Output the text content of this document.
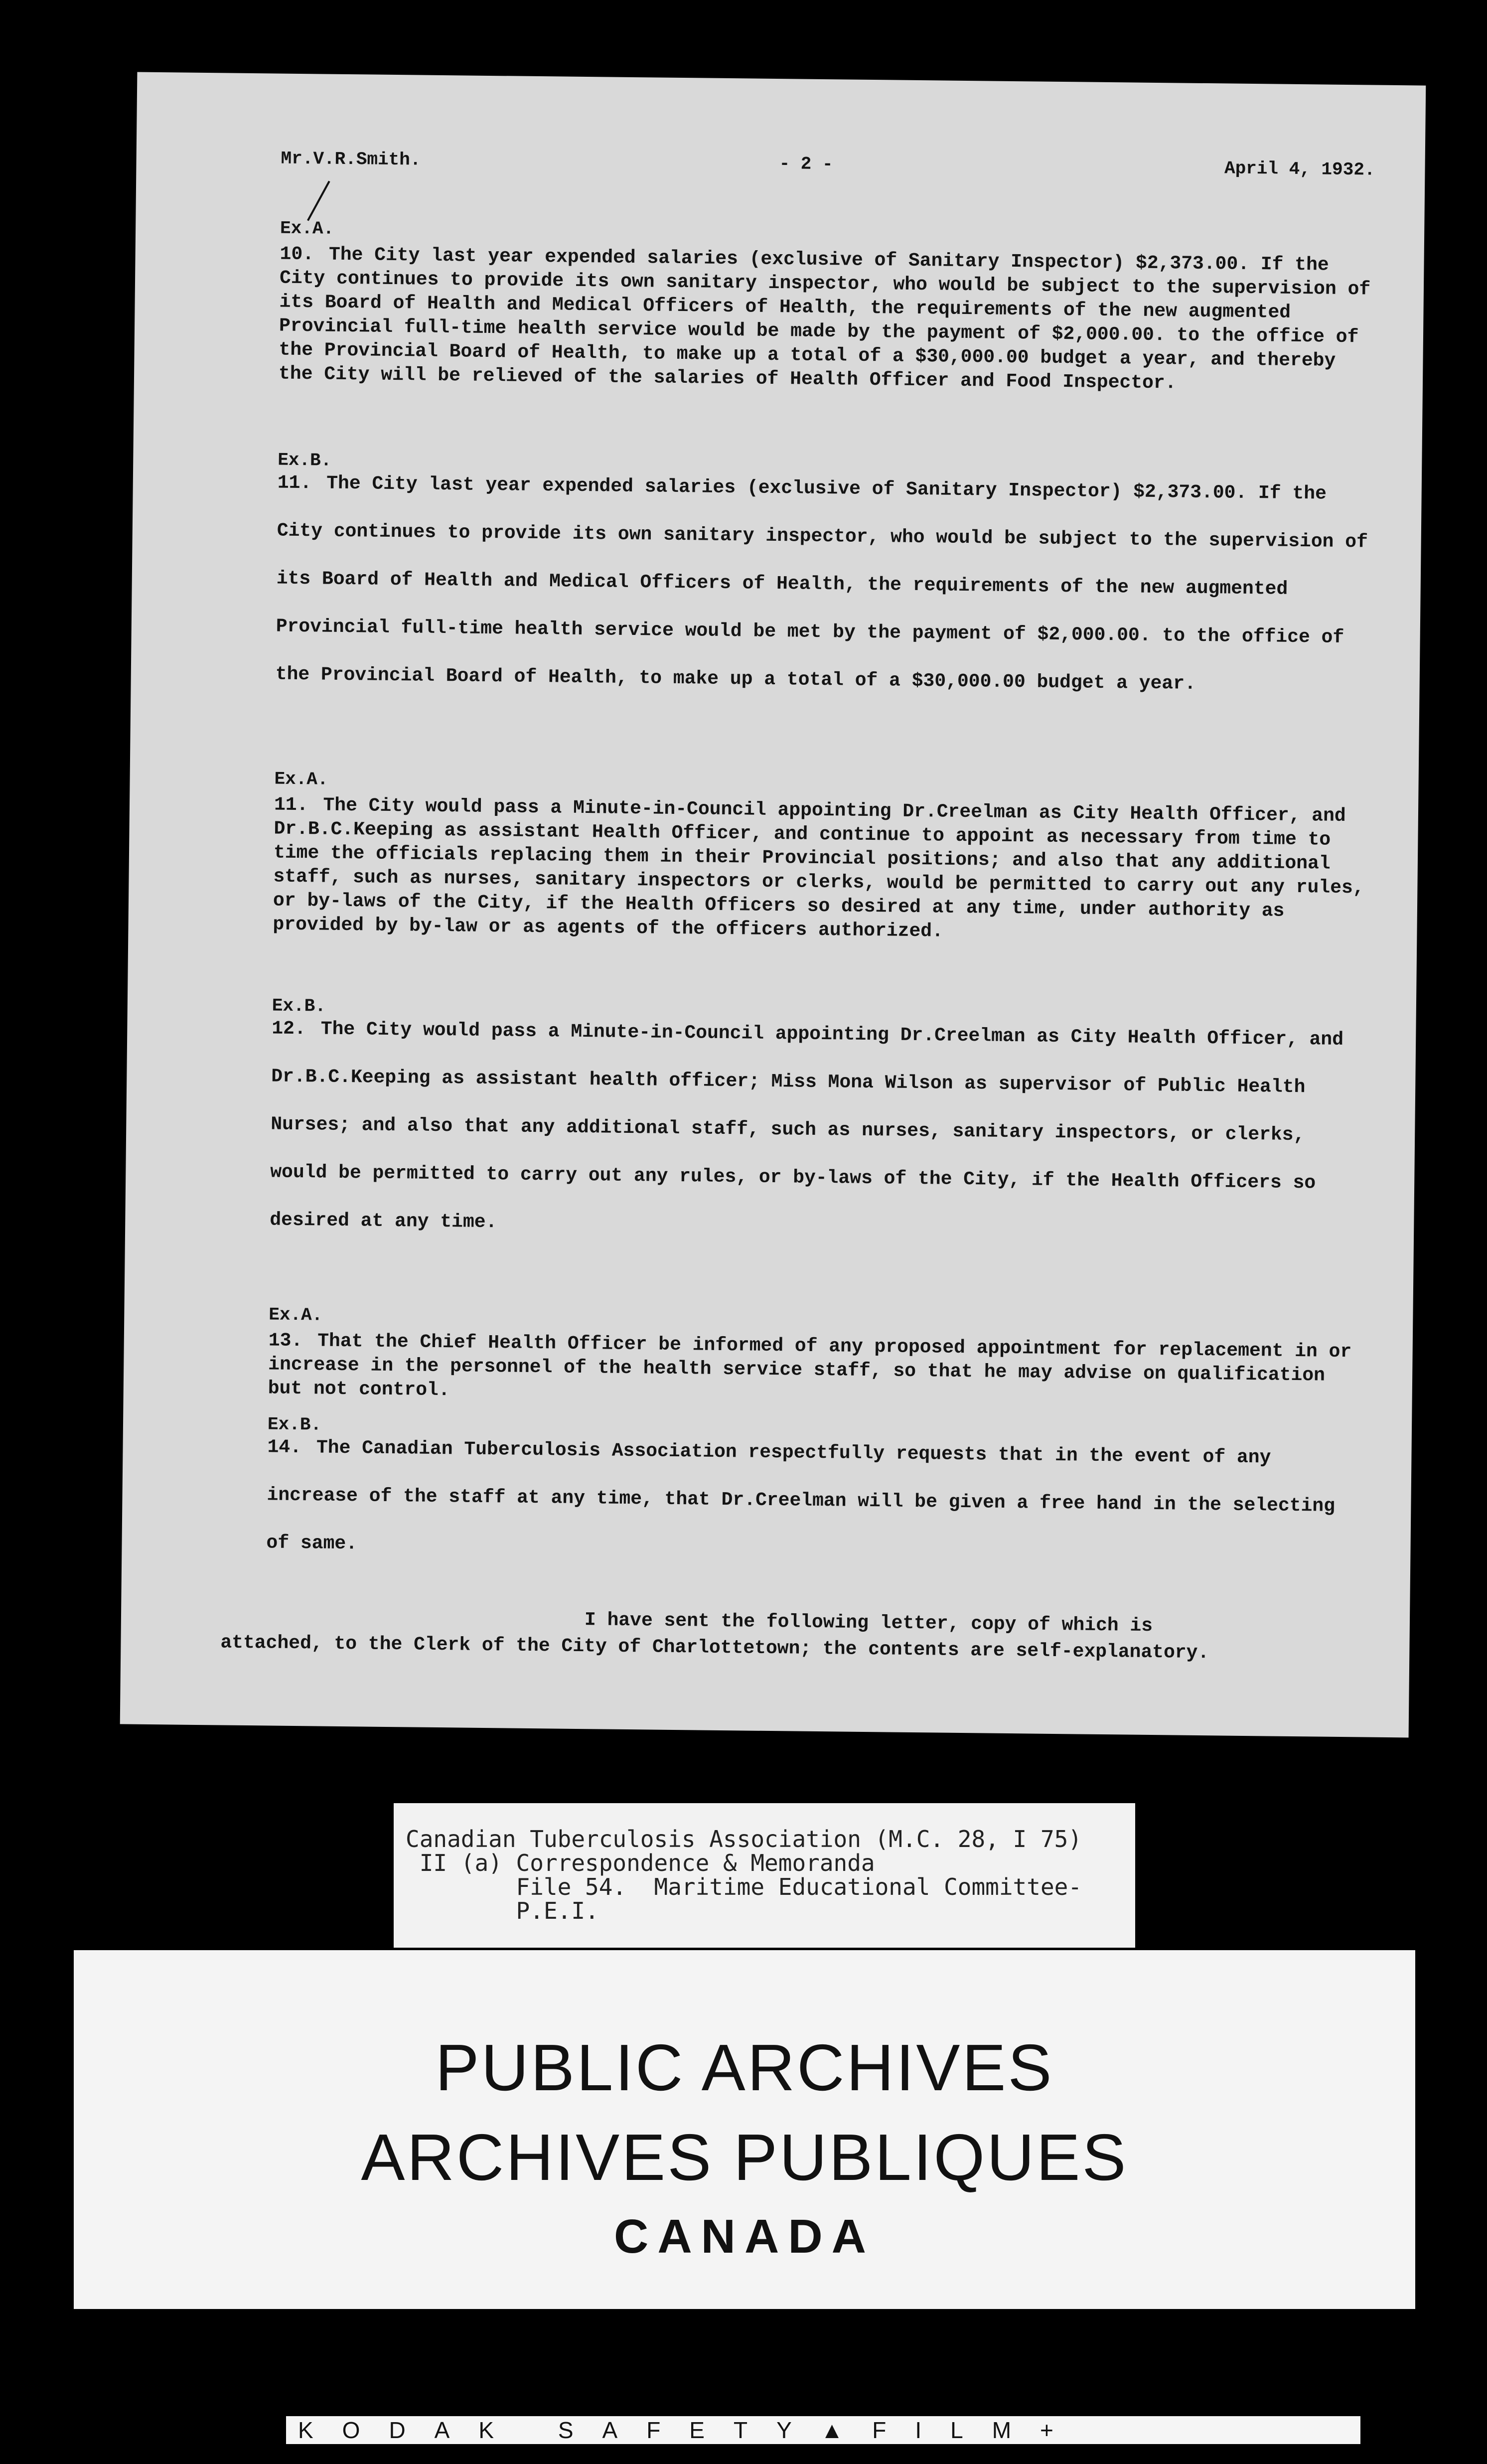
Mr.V.R.Smith.	- 2 -	April 4, 1932.
Ex.A.

10. The City last year expended salaries (exclusive of Sanitary Inspector) $2,373.00. If the City continues to provide its own sanitary inspector, who would be subject to the supervision of its Board of Health and Medical Officers of Health, the requirements of the new augmented Provincial full-time health service would be made by the payment of $2,000.00. to the office of the Provincial Board of Health, to make up a total of a $30,000.00 budget a year, and thereby the City will be relieved of the salaries of Health Officer and Food Inspector.

Ex.B.

11. The City last year expended salaries (exclusive of Sanitary Inspector) $2,373.00. If the City continues to provide its own sanitary inspector, who would be subject to the supervision of its Board of Health and Medical Officers of Health, the requirements of the new augmented Provincial full-time health service would be met by the payment of $2,000.00. to the office of the Provincial Board of Health, to make up a total of a $30,000.00 budget a year.

Ex.A.

11. The City would pass a Minute-in-Council appointing Dr.Creelman as City Health Officer, and Dr.B.C.Keeping as assistant Health Officer, and continue to appoint as necessary from time to time the officials replacing them in their Provincial positions; and also that any additional staff, such as nurses, sanitary inspectors or clerks, would be permitted to carry out any rules, or by-laws of the City, if the Health Officers so desired at any time, under authority as provided by by-law or as agents of the officers authorized.

Ex.B.

12. The City would pass a Minute-in-Council appointing Dr.Creelman as City Health Officer, and Dr.B.C.Keeping as assistant health officer; Miss Mona Wilson as supervisor of Public Health Nurses; and also that any additional staff, such as nurses, sanitary inspectors, or clerks, would be permitted to carry out any rules, or by-laws of the City, if the Health Officers so desired at any time.

Ex.A.

13. That the Chief Health Officer be informed of any proposed appointment for replacement in or increase in the personnel of the health service staff, so that he may advise on qualification but not control.

Ex.B.

14. The Canadian Tuberculosis Association respectfully requests that in the event of any increase of the staff at any time, that Dr.Creelman will be given a free hand in the selecting of same.

I have sent the following letter, copy of which is
attached, to the Clerk of the City of Charlottetown; the contents are self-explanatory.
Canadian Tuberculosis Association (M.C. 28, I 75)
II (a) Correspondence & Memoranda
File 54.  Maritime Educational Committee-
P.E.I.
PUBLIC ARCHIVES
ARCHIVES PUBLIQUES
CANADA
KODAK SAFETY▲FILM+
